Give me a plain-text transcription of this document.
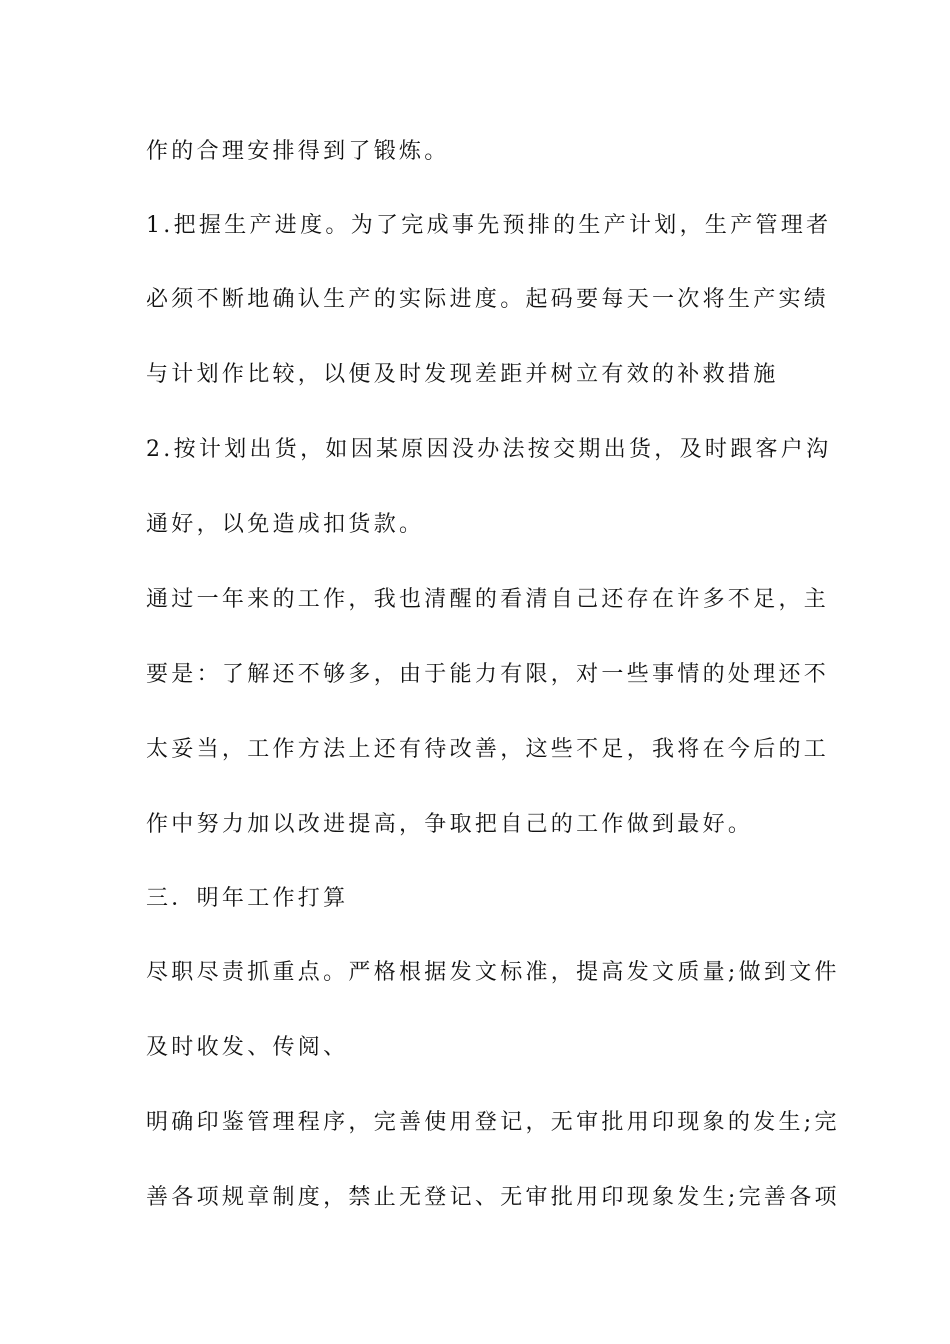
作的合理安排得到了锻炼。
1.把握生产进度。为了完成事先预排的生产计划，生产管理者
必须不断地确认生产的实际进度。起码要每天一次将生产实绩
与计划作比较，以便及时发现差距并树立有效的补救措施
2.按计划出货，如因某原因没办法按交期出货，及时跟客户沟
通好，以免造成扣货款。
通过一年来的工作，我也清醒的看清自己还存在许多不足，主
要是：了解还不够多，由于能力有限，对一些事情的处理还不
太妥当，工作方法上还有待改善，这些不足，我将在今后的工
作中努力加以改进提高，争取把自己的工作做到最好。
三．明年工作打算
尽职尽责抓重点。严格根据发文标准，提高发文质量;做到文件
及时收发、传阅、
明确印鉴管理程序，完善使用登记，无审批用印现象的发生;完
善各项规章制度，禁止无登记、无审批用印现象发生;完善各项
